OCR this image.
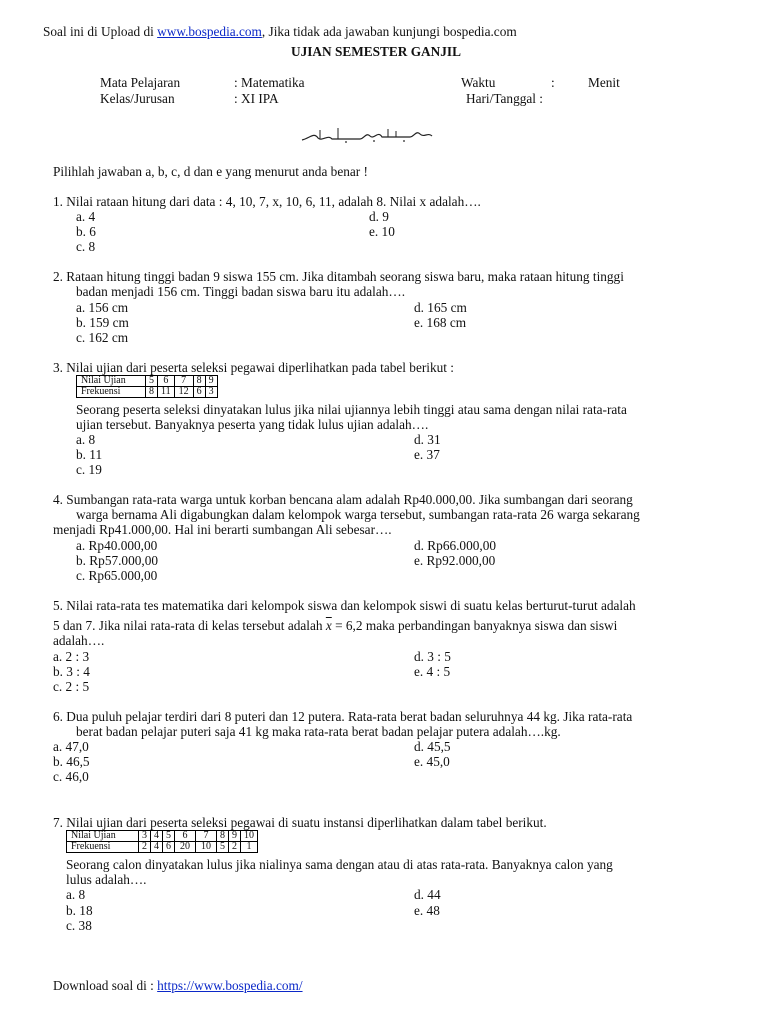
Soal ini di Upload di www.bospedia.com, Jika tidak ada jawaban kunjungi bospedia.com
UJIAN SEMESTER GANJIL
Mata Pelajaran	: Matematika	Waktu	:	Menit
Kelas/Jurusan	: XI IPA	Hari/Tanggal :
Pilihlah jawaban a, b, c, d dan e yang menurut anda benar !
1. Nilai rataan hitung dari data : 4, 10, 7, x, 10, 6, 11, adalah 8. Nilai x adalah….
a. 4	d. 9
b. 6	e. 10
c. 8
2. Rataan hitung tinggi badan 9 siswa 155 cm. Jika ditambah seorang siswa baru, maka rataan hitung tinggi
badan menjadi 156 cm. Tinggi badan siswa baru itu adalah….
a. 156 cm	d. 165 cm
b. 159 cm	e. 168 cm
c. 162 cm
3. Nilai ujian dari peserta seleksi pegawai diperlihatkan pada tabel berikut :
Nilai Ujian	5	6	7	8	9
Frekuensi	8	11	12	6	3
Seorang peserta seleksi dinyatakan lulus jika nilai ujiannya lebih tinggi atau sama dengan nilai rata-rata
ujian tersebut. Banyaknya peserta yang tidak lulus ujian adalah….
a. 8	d. 31
b. 11	e. 37
c. 19
4. Sumbangan rata-rata warga untuk korban bencana alam adalah Rp40.000,00. Jika sumbangan dari seorang
warga bernama Ali digabungkan dalam kelompok warga tersebut, sumbangan rata-rata 26 warga sekarang
menjadi Rp41.000,00. Hal ini berarti sumbangan Ali sebesar….
a. Rp40.000,00	d. Rp66.000,00
b. Rp57.000,00	e. Rp92.000,00
c. Rp65.000,00
5. Nilai rata-rata tes matematika dari kelompok siswa dan kelompok siswi di suatu kelas berturut-turut adalah
5 dan 7. Jika nilai rata-rata di kelas tersebut adalah $\overline{x} = 6,2$ maka perbandingan banyaknya siswa dan siswi
adalah….
a. 2 : 3	d. 3 : 5
b. 3 : 4	e. 4 : 5
c. 2 : 5
6. Dua puluh pelajar terdiri dari 8 puteri dan 12 putera. Rata-rata berat badan seluruhnya 44 kg. Jika rata-rata
berat badan pelajar puteri saja 41 kg maka rata-rata berat badan pelajar putera adalah….kg.
a. 47,0	d. 45,5
b. 46,5	e. 45,0
c. 46,0
7. Nilai ujian dari peserta seleksi pegawai di suatu instansi diperlihatkan dalam tabel berikut.
Nilai Ujian	3	4	5	6	7	8	9	10
Frekuensi	2	4	6	20	10	5	2	1
Seorang calon dinyatakan lulus jika nialinya sama dengan atau di atas rata-rata. Banyaknya calon yang
lulus adalah….
a. 8	d. 44
b. 18	e. 48
c. 38
Download soal di : https://www.bospedia.com/
